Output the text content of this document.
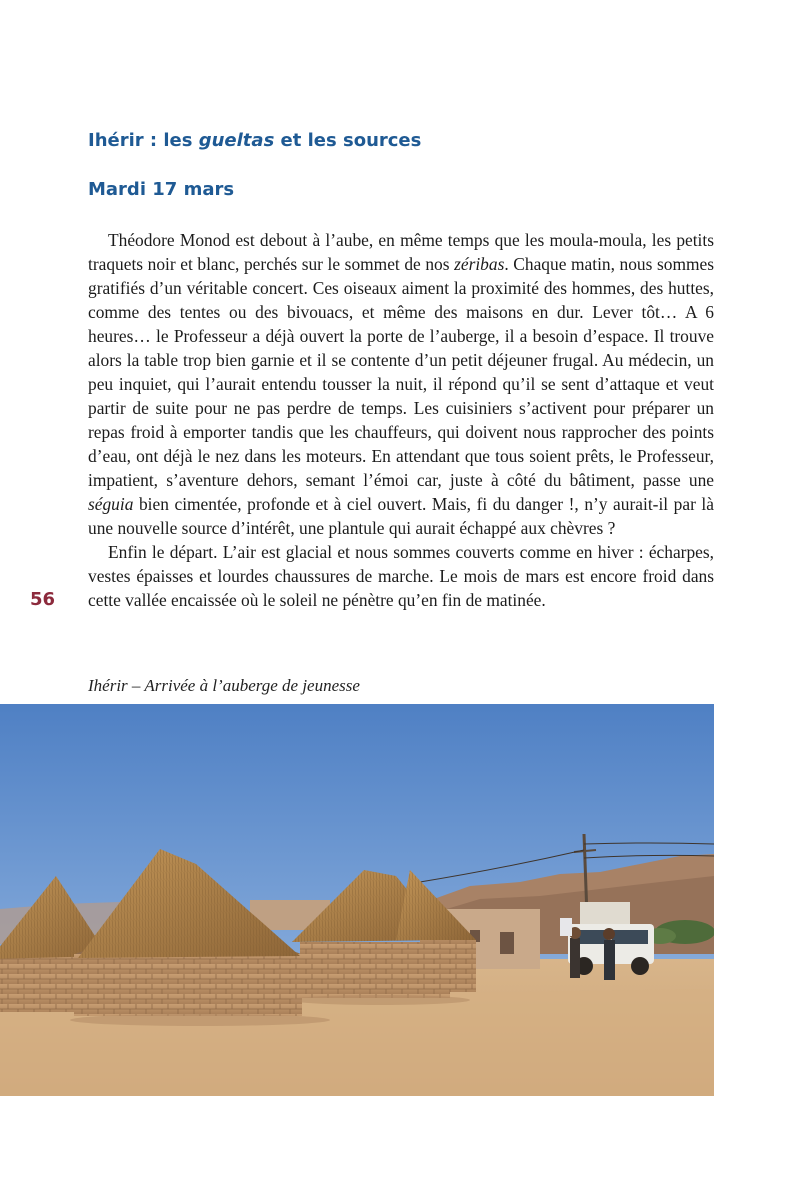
Ihérir : les gueltas et les sources
Mardi 17 mars

Théodore Monod est debout à l’aube, en même temps que les moula-moula, les petits traquets noir et blanc, perchés sur le sommet de nos zéribas. Chaque matin, nous sommes gratifiés d’un véritable concert. Ces oiseaux aiment la proximité des hommes, des huttes, comme des tentes ou des bivouacs, et même des maisons en dur. Lever tôt… A 6 heures… le Professeur a déjà ouvert la porte de l’auberge, il a besoin d’espace. Il trouve alors la table trop bien garnie et il se contente d’un petit déjeuner frugal. Au médecin, un peu inquiet, qui l’aurait entendu tousser la nuit, il répond qu’il se sent d’attaque et veut partir de suite pour ne pas perdre de temps. Les cuisiniers s’activent pour préparer un repas froid à emporter tandis que les chauffeurs, qui doivent nous rapprocher des points d’eau, ont déjà le nez dans les moteurs. En attendant que tous soient prêts, le Professeur, impatient, s’aventure dehors, semant l’émoi car, juste à côté du bâtiment, passe une séguia bien cimentée, profonde et à ciel ouvert. Mais, fi du danger !, n’y aurait-il par là une nouvelle source d’intérêt, une plantule qui aurait échappé aux chèvres ?

Enfin le départ. L’air est glacial et nous sommes couverts comme en hiver : écharpes, vestes épaisses et lourdes chaussures de marche. Le mois de mars est encore froid dans cette vallée encaissée où le soleil ne pénètre qu’en fin de matinée.

56
Ihérir – Arrivée à l’auberge de jeunesse
